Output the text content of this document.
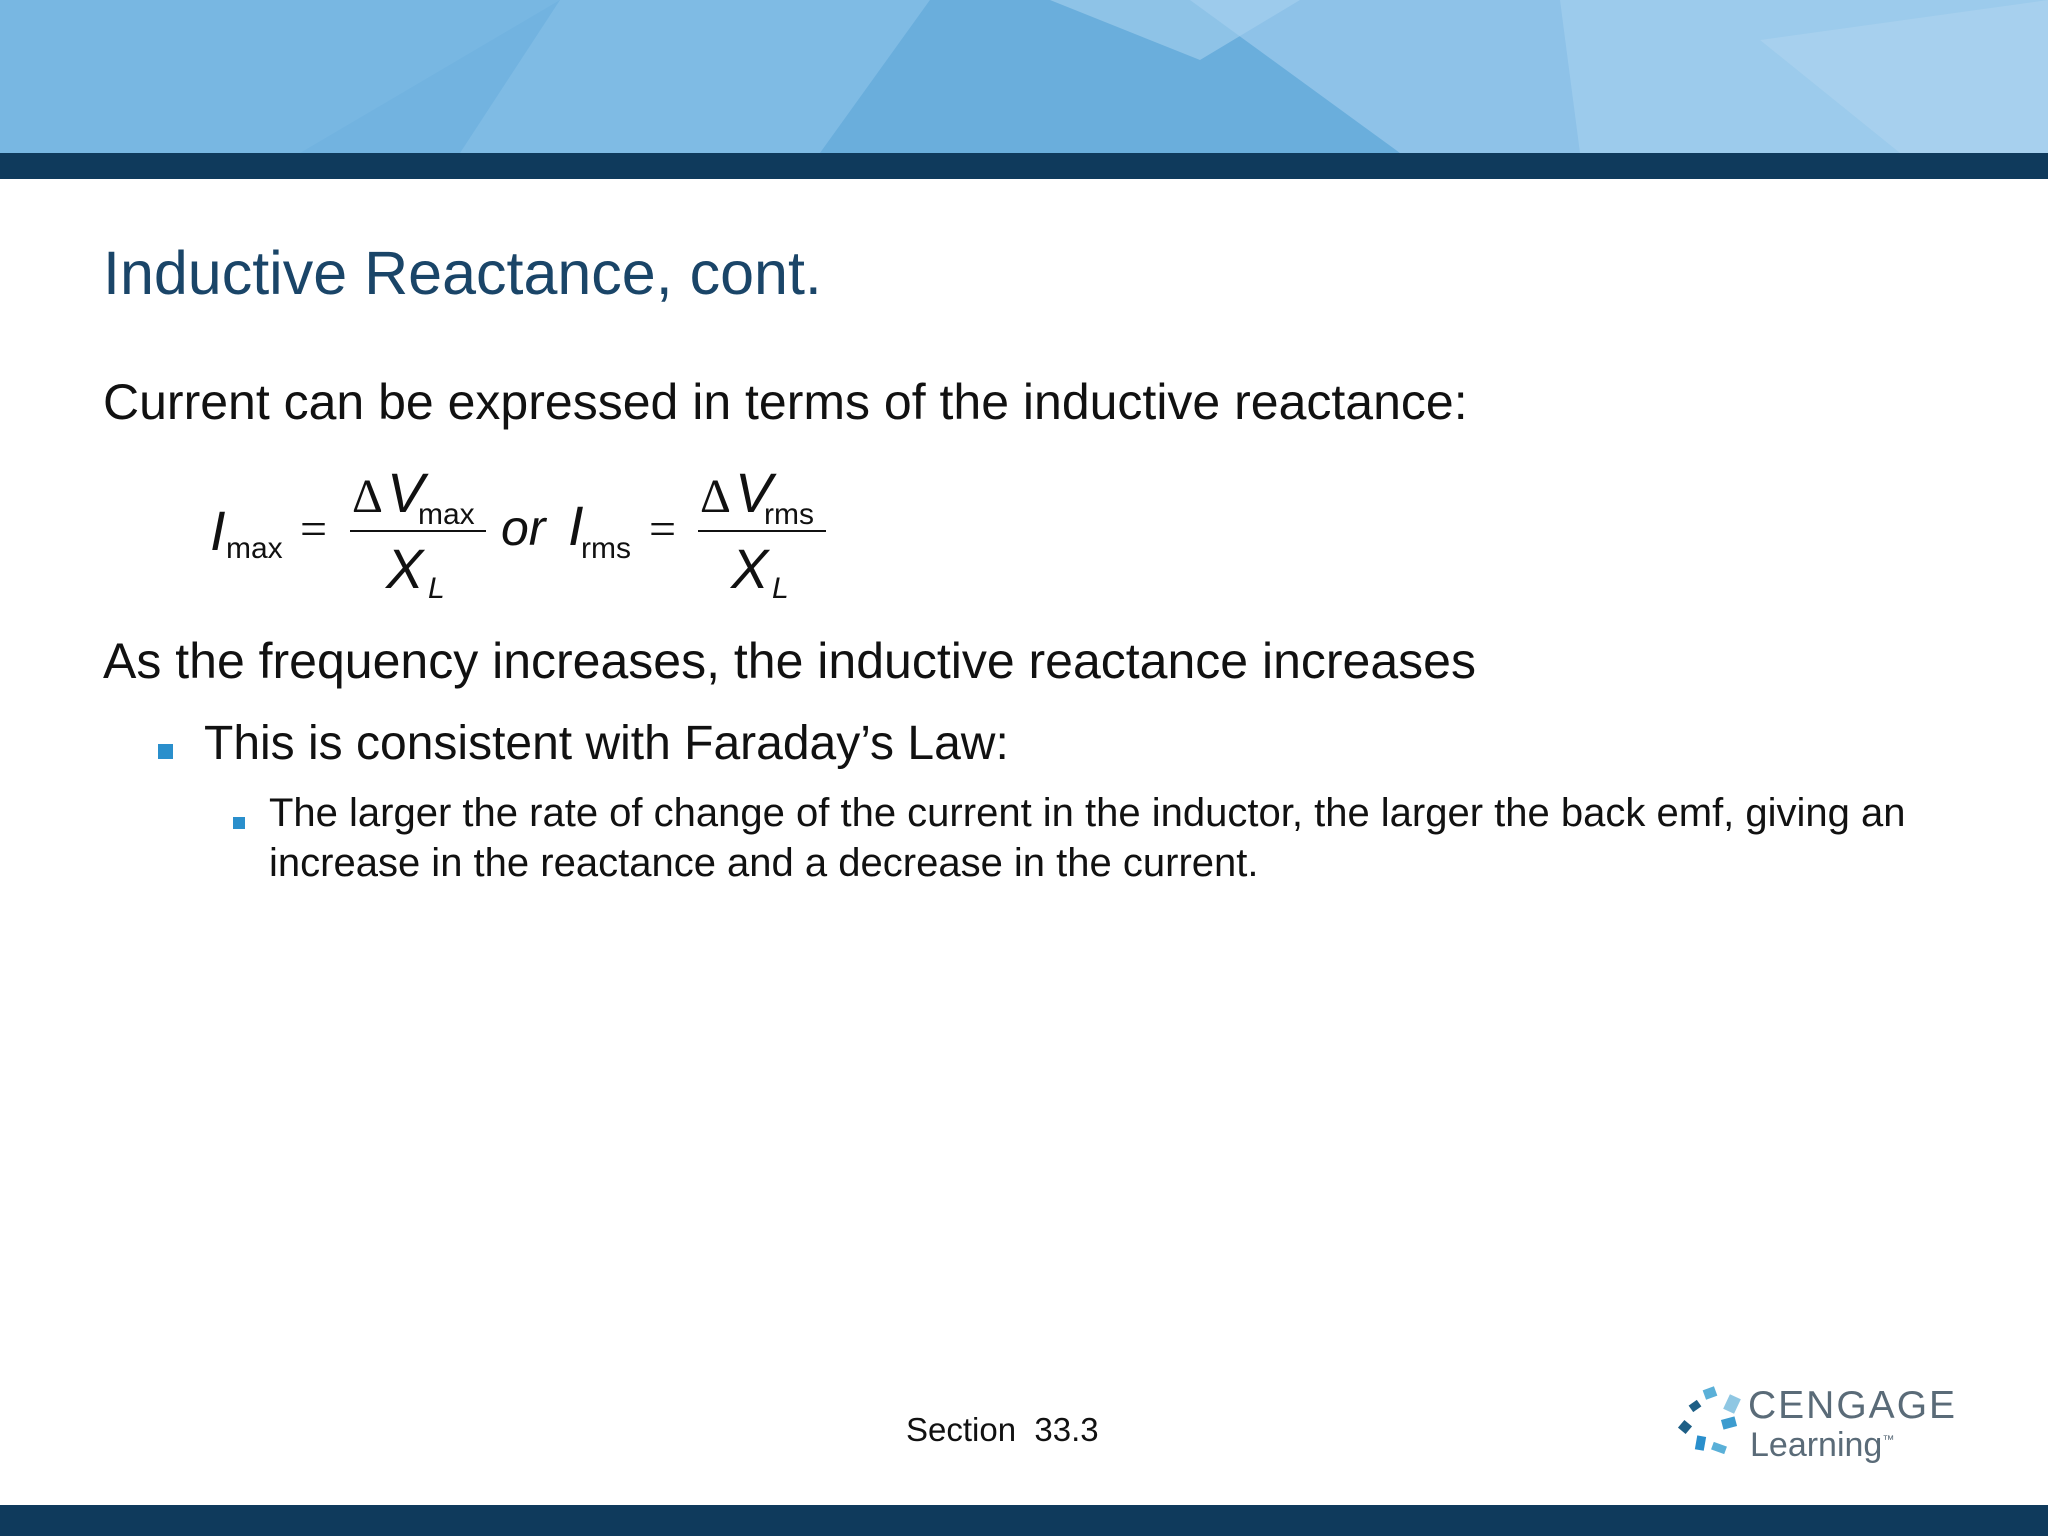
Inductive Reactance, cont.
Current can be expressed in terms of the inductive reactance:
I max =
Δ V
max
X L
or I
rms =
Δ V
rms
X L
As the frequency increases, the inductive reactance increases
This is consistent with Faraday’s Law:
The larger the rate of change of the current in the inductor, the larger the back emf, giving an increase in the reactance and a decrease in the current.
Section  33.3
CENGAGE
Learning™
